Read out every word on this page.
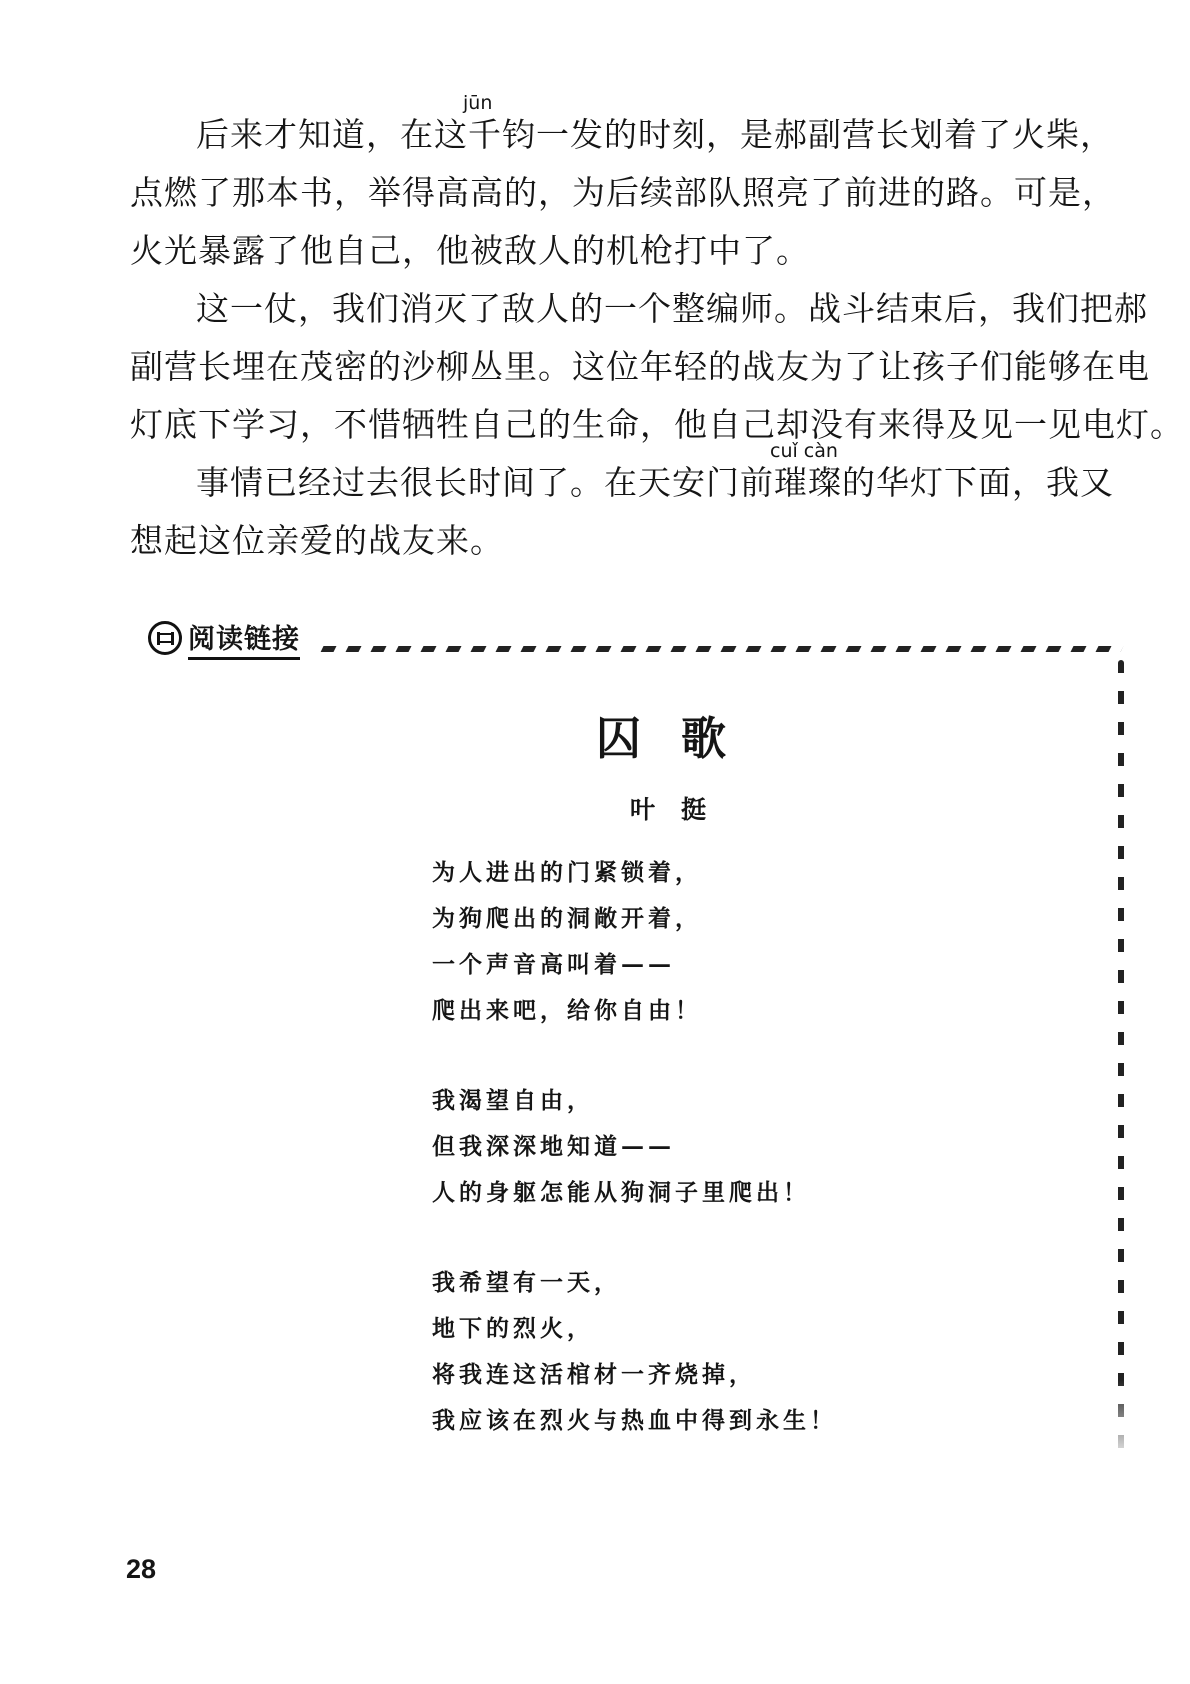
jūn
后来才知道，在这千钧一发的时刻，是郝副营长划着了火柴，
点燃了那本书，举得高高的，为后续部队照亮了前进的路。可是，
火光暴露了他自己，他被敌人的机枪打中了。

这一仗，我们消灭了敌人的一个整编师。战斗结束后，我们把郝
副营长埋在茂密的沙柳丛里。这位年轻的战友为了让孩子们能够在电
灯底下学习，不惜牺牲自己的生命，他自己却没有来得及见一见电灯。

cuǐ càn
事情已经过去很长时间了。在天安门前璀璨的华灯下面，我又
想起这位亲爱的战友来。

阅读链接
囚歌
叶挺
为人进出的门紧锁着，
为狗爬出的洞敞开着，
一个声音高叫着——
爬出来吧，给你自由！
我渴望自由，
但我深深地知道——
人的身躯怎能从狗洞子里爬出！
我希望有一天，
地下的烈火，
将我连这活棺材一齐烧掉，
我应该在烈火与热血中得到永生！
28
